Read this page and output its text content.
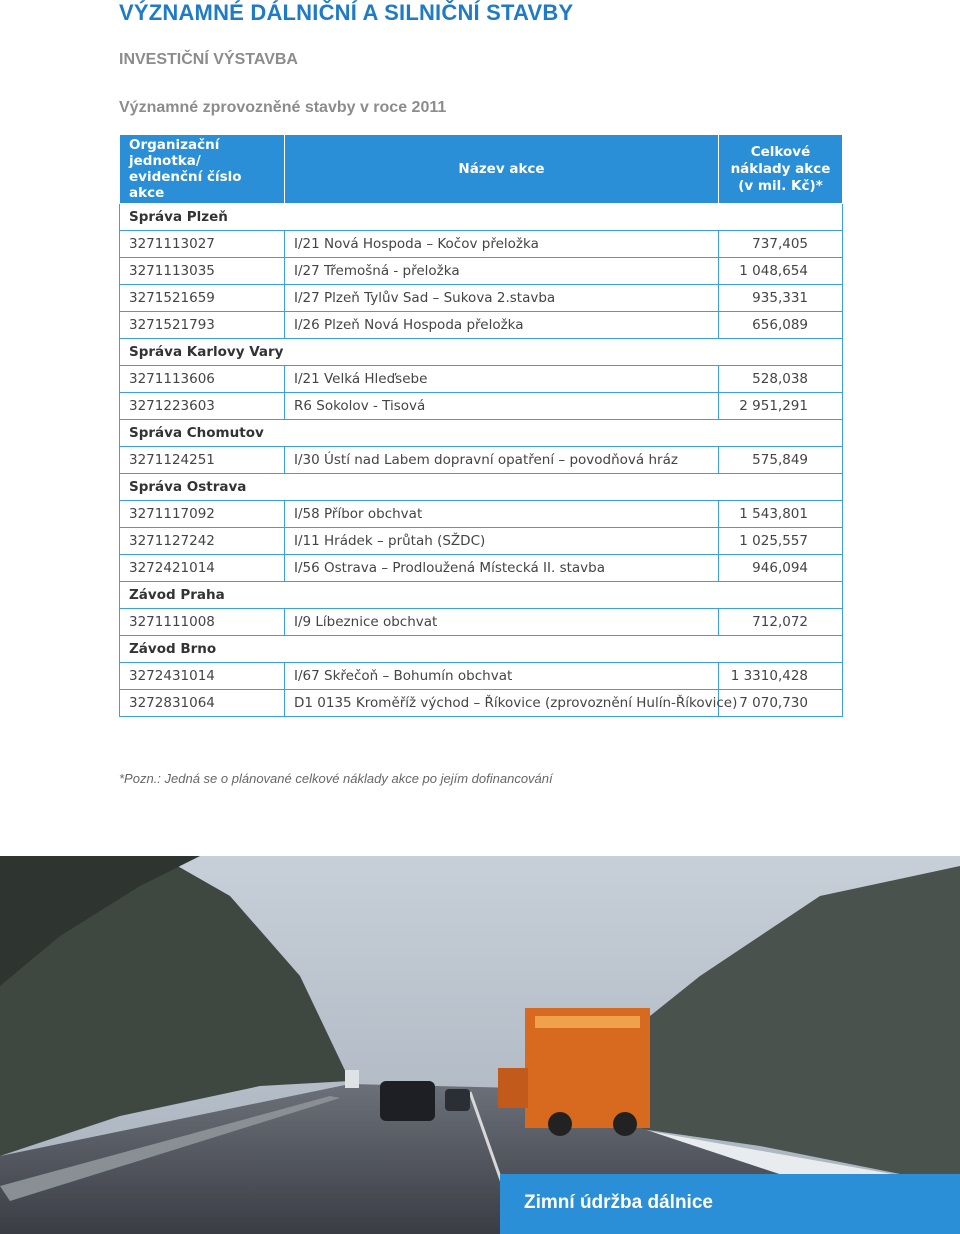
VÝZNAMNÉ DÁLNIČNÍ A SILNIČNÍ STAVBY
INVESTIČNÍ VÝSTAVBA
Významné zprovozněné stavby v roce 2011
Organizační jednotka/
evidenční číslo akce	Název akce	Celkové
náklady akce
(v mil. Kč)*
Správa Plzeň		
3271113027	I/21 Nová Hospoda – Kočov přeložka	737,405
3271113035	I/27 Třemošná - přeložka	1 048,654
3271521659	I/27 Plzeň Tylův Sad – Sukova 2.stavba	935,331
3271521793	I/26 Plzeň Nová Hospoda přeložka	656,089
Správa Karlovy Vary		
3271113606	I/21 Velká Hleďsebe	528,038
3271223603	R6 Sokolov - Tisová	2 951,291
Správa Chomutov		
3271124251	I/30 Ústí nad Labem dopravní opatření – povodňová hráz	575,849
Správa Ostrava		
3271117092	I/58 Příbor obchvat	1 543,801
3271127242	I/11 Hrádek – průtah (SŽDC)	1 025,557
3272421014	I/56 Ostrava – Prodloužená Místecká II. stavba	946,094
Závod Praha		
3271111008	I/9 Líbeznice obchvat	712,072
Závod Brno		
3272431014	I/67 Skřečoň – Bohumín obchvat	1 3310,428
3272831064	D1 0135 Kroměříž východ – Říkovice (zprovoznění Hulín-Říkovice)	7 070,730
*Pozn.: Jedná se o plánované celkové náklady akce po jejím dofinancování
Zimní údržba dálnice
